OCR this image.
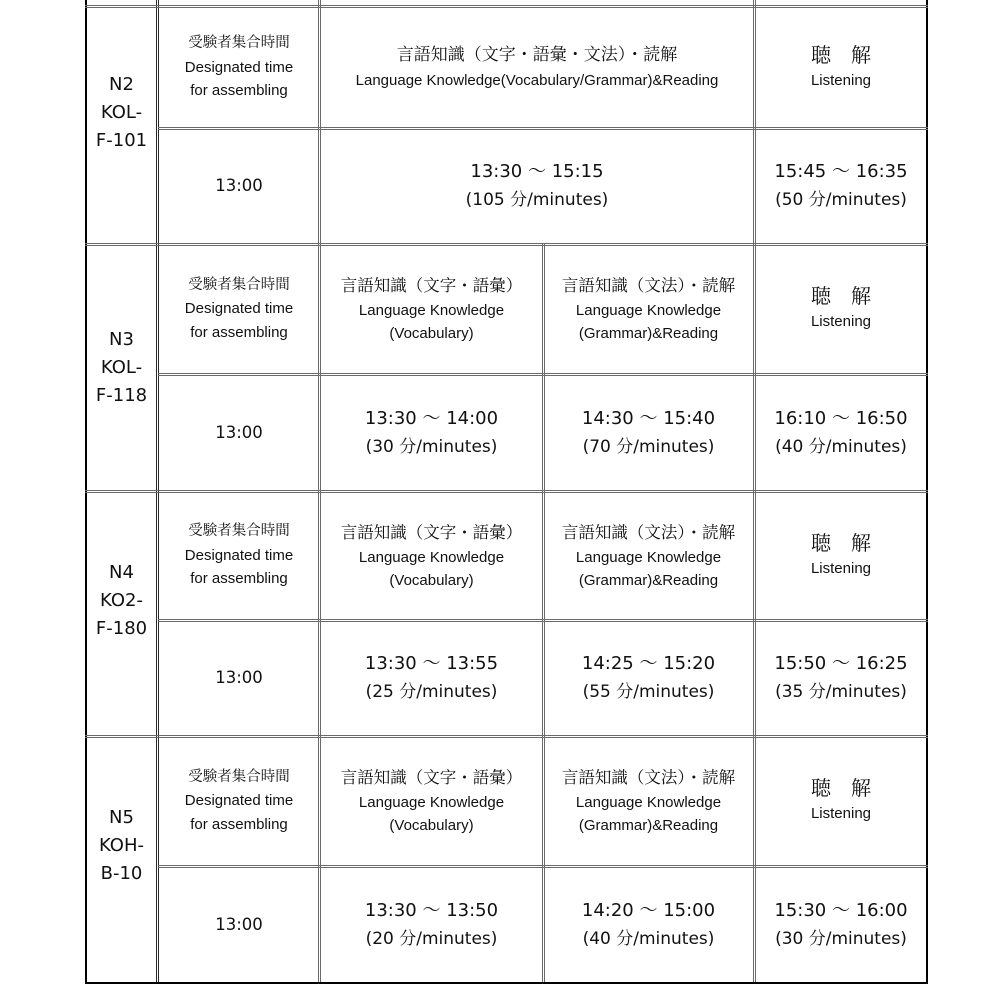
N2
KOL-
F-101
受験者集合時間
Designated time
for assembling
言語知識（文字・語彙・文法）・読解
Language Knowledge(Vocabulary/Grammar)&Reading
聴　解
Listening
13:00
13:30 ～ 15:15
(105 分/minutes)
15:45 ～ 16:35
(50 分/minutes)
N3
KOL-
F-118
受験者集合時間
Designated time
for assembling
言語知識（文字・語彙）
Language Knowledge
(Vocabulary)
言語知識（文法）・読解
Language Knowledge
(Grammar)&Reading
聴　解
Listening
13:00
13:30 ～ 14:00
(30 分/minutes)
14:30 ～ 15:40
(70 分/minutes)
16:10 ～ 16:50
(40 分/minutes)
N4
KO2-
F-180
受験者集合時間
Designated time
for assembling
言語知識（文字・語彙）
Language Knowledge
(Vocabulary)
言語知識（文法）・読解
Language Knowledge
(Grammar)&Reading
聴　解
Listening
13:00
13:30 ～ 13:55
(25 分/minutes)
14:25 ～ 15:20
(55 分/minutes)
15:50 ～ 16:25
(35 分/minutes)
N5
KOH-
B-10
受験者集合時間
Designated time
for assembling
言語知識（文字・語彙）
Language Knowledge
(Vocabulary)
言語知識（文法）・読解
Language Knowledge
(Grammar)&Reading
聴　解
Listening
13:00
13:30 ～ 13:50
(20 分/minutes)
14:20 ～ 15:00
(40 分/minutes)
15:30 ～ 16:00
(30 分/minutes)
